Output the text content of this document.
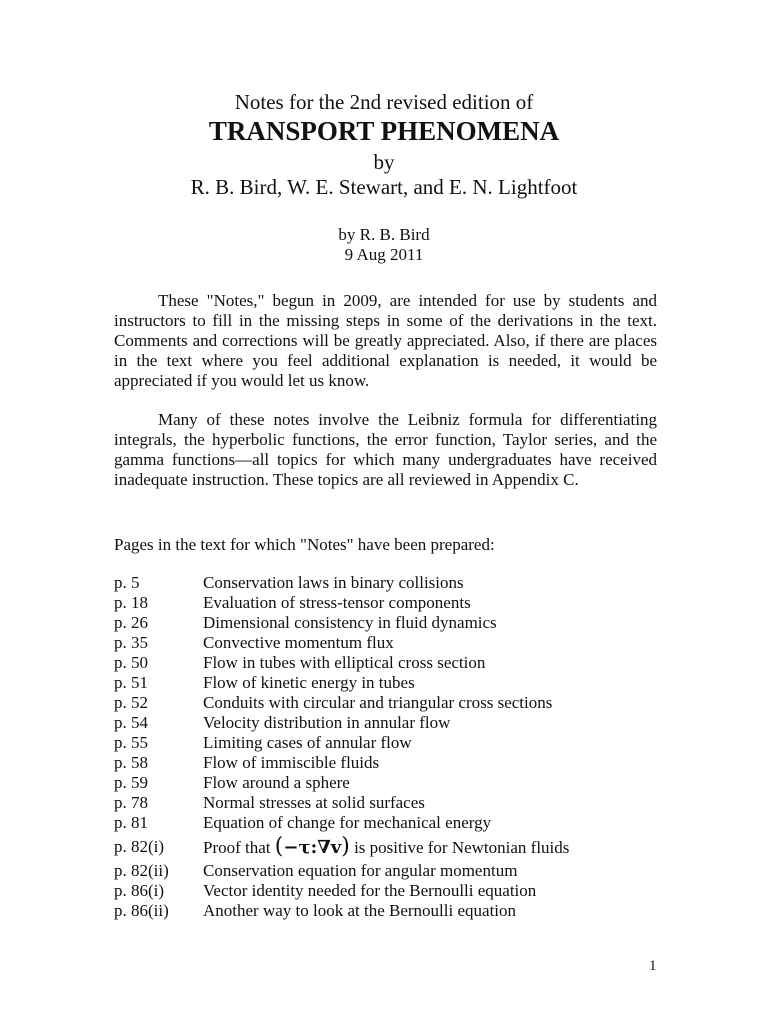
Notes for the 2nd revised edition of
TRANSPORT PHENOMENA
by
R. B. Bird, W. E. Stewart, and E. N. Lightfoot
by R. B. Bird
9 Aug 2011

These "Notes," begun in 2009, are intended for use by students and instructors to fill in the missing steps in some of the derivations in the text. Comments and corrections will be greatly appreciated. Also, if there are places in the text where you feel additional explanation is needed, it would be appreciated if you would let us know.

Many of these notes involve the Leibniz formula for differentiating integrals, the hyperbolic functions, the error function, Taylor series, and the gamma functions—all topics for which many undergraduates have received inadequate instruction. These topics are all reviewed in Appendix C.

Pages in the text for which "Notes" have been prepared:
p. 5	Conservation laws in binary collisions
p. 18	Evaluation of stress-tensor components
p. 26	Dimensional consistency in fluid dynamics
p. 35	Convective momentum flux
p. 50	Flow in tubes with elliptical cross section
p. 51	Flow of kinetic energy in tubes
p. 52	Conduits with circular and triangular cross sections
p. 54	Velocity distribution in annular flow
p. 55	Limiting cases of annular flow
p. 58	Flow of immiscible fluids
p. 59	Flow around a sphere
p. 78	Normal stresses at solid surfaces
p. 81	Equation of change for mechanical energy
p. 82(i)	Proof that (−τ:∇v) is positive for Newtonian fluids
p. 82(ii)	Conservation equation for angular momentum
p. 86(i)	Vector identity needed for the Bernoulli equation
p. 86(ii)	Another way to look at the Bernoulli equation
1
